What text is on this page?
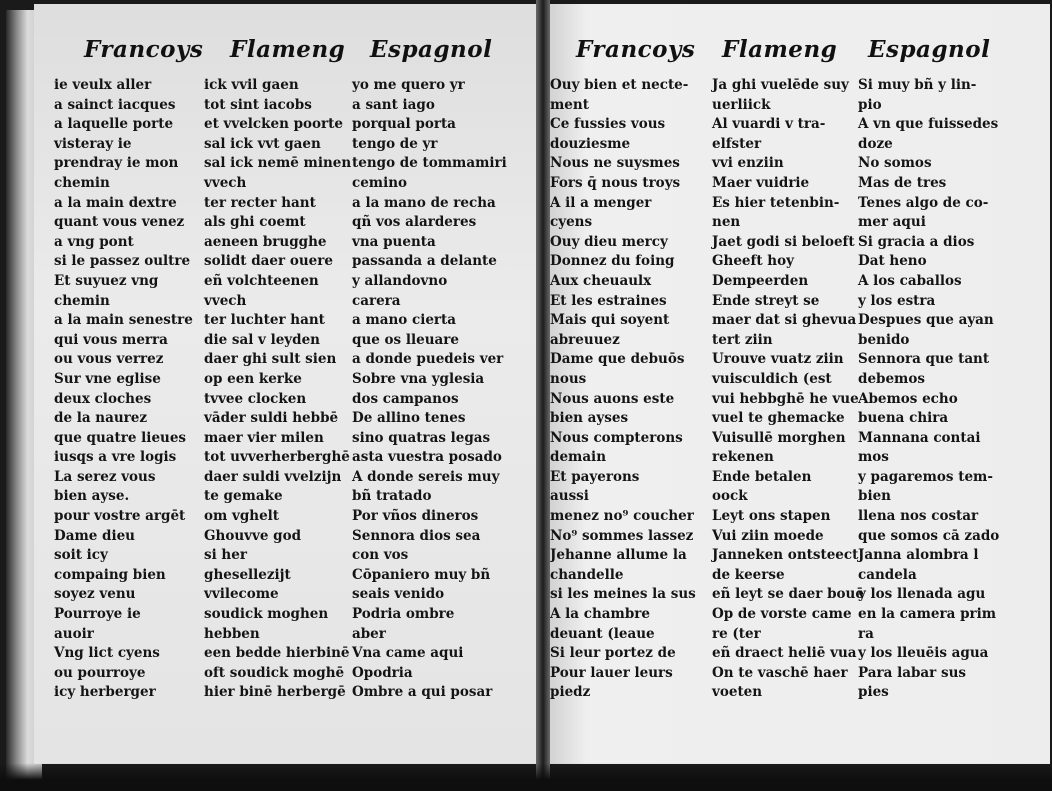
Francoys Flameng Espagnol
ie veulx aller
a sainct iacques
a laquelle porte
visteray ie
prendray ie mon
chemin
a la main dextre
quant vous venez
a vng pont
si le passez oultre
Et suyuez vng
chemin
a la main senestre
qui vous merra
ou vous verrez
Sur vne eglise
deux cloches
de la naurez
que quatre lieues
iusqs a vre logis
La serez vous
bien ayse.
pour vostre argēt
Dame dieu
soit icy
compaing bien
soyez venu
Pourroye ie
auoir
Vng lict cyens
ou pourroye
icy herberger
ick vvil gaen
tot sint iacobs
et vvelcken poorte
sal ick vvt gaen
sal ick nemē minen
vvech
ter recter hant
als ghi coemt
aeneen brugghe
solidt daer ouere
eñ volchteenen
vvech
ter luchter hant
die sal v leyden
daer ghi sult sien
op een kerke
tvvee clocken
vāder suldi hebbē
maer vier milen
tot uvverherberghē
daer suldi vvelzijn
te gemake
om vghelt
Ghouvve god
si her
ghesellezijt
vvilecome
soudick moghen
hebben
een bedde hierbinē
oft soudick moghē
hier binē herbergē
yo me quero yr
a sant iago
porqual porta
tengo de yr
tengo de tommamiri
cemino
a la mano de recha
qñ vos alarderes
vna puenta
passanda a delante
y allandovno
carera
a mano cierta
que os lleuare
a donde puedeis ver
Sobre vna yglesia
dos campanos
De allino tenes
sino quatras legas
asta vuestra posado
A donde sereis muy
bñ tratado
Por vños dineros
Sennora dios sea
con vos
Cōpaniero muy bñ
seais venido
Podria ombre
aber
Vna came aqui
Opodria
Ombre a qui posar
Francoys Flameng Espagnol
Ouy bien et necte-
ment
Ce fussies vous
douziesme
Nous ne suysmes
Fors q̄ nous troys
A il a menger
cyens
Ouy dieu mercy
Donnez du foing
Aux cheuaulx
Et les estraines
Mais qui soyent
abreuuez
Dame que debuōs
nous
Nous auons este
bien ayses
Nous compterons
demain
Et payerons
aussi
menez no⁹ coucher
No⁹ sommes lassez
Jehanne allume la
chandelle
si les meines la sus
A la chambre
deuant (leaue
Si leur portez de
Pour lauer leurs
piedz
Ja ghi vuelēde suy
uerliick
Al vuardi v tra-
elfster
vvi enziin
Maer vuidrie
Es hier tetenbin-
nen
Jaet godi si beloeft
Gheeft hoy
Dempeerden
Ende streyt se
maer dat si ghevua
tert ziin
Urouve vuatz ziin
vuisculdich (est
vui hebbghē he vue
vuel te ghemacke
Vuisullē morghen
rekenen
Ende betalen
oock
Leyt ons stapen
Vui ziin moede
Janneken ontsteect
de keerse
eñ leyt se daer bouē
Op de vorste came
re (ter
eñ draect heliē vua
On te vaschē haer
voeten
Si muy bñ y lin-
pio
A vn que fuissedes
doze
No somos
Mas de tres
Tenes algo de co-
mer aqui
Si gracia a dios
Dat heno
A los caballos
y los estra
Despues que ayan
benido
Sennora que tant
debemos
Abemos echo
buena chira
Mannana contai
mos
y pagaremos tem-
bien
llena nos costar
que somos cā zado
Janna alombra l
candela
y los llenada agu
en la camera prim
ra
y los lleuēis agua
Para labar sus
pies
